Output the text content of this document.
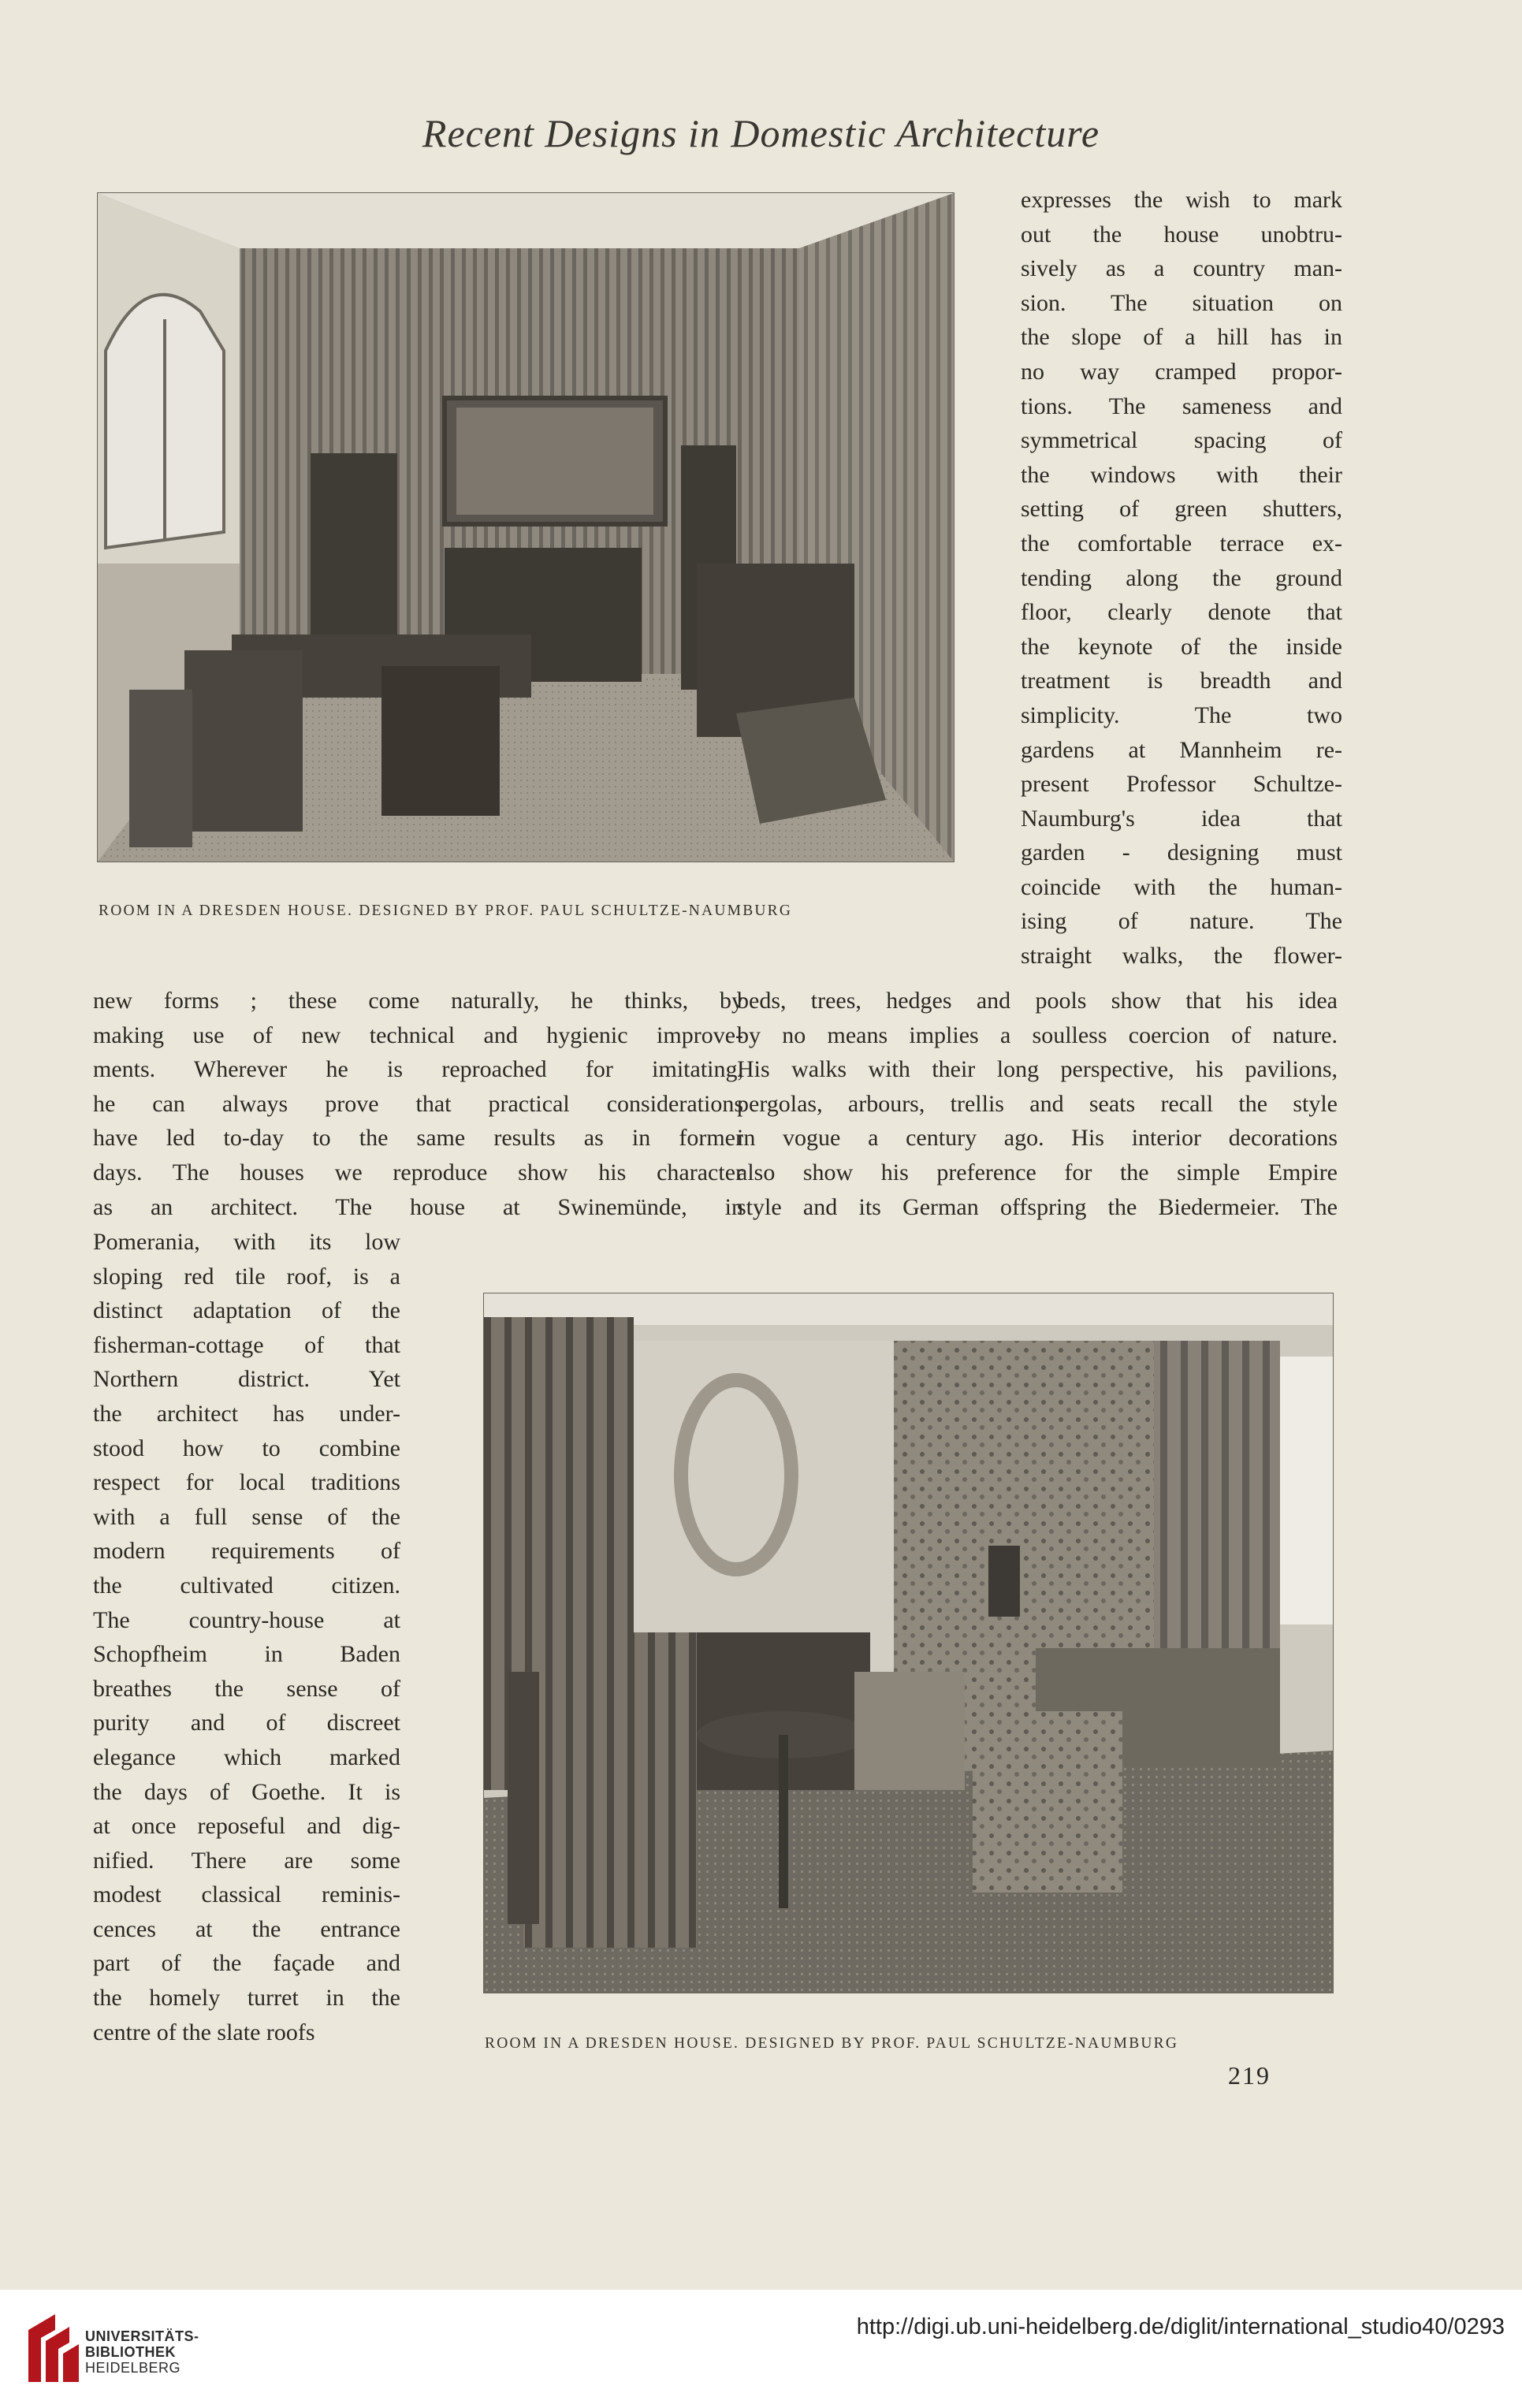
Recent Designs in Domestic Architecture
ROOM IN A DRESDEN HOUSE. DESIGNED BY PROF. PAUL SCHULTZE-NAUMBURG
expresses the wish to mark
out the house unobtru-
sively as a country man-
sion. The situation on
the slope of a hill has in
no way cramped propor-
tions. The sameness and
symmetrical spacing of
the windows with their
setting of green shutters,
the comfortable terrace ex-
tending along the ground
floor, clearly denote that
the keynote of the inside
treatment is breadth and
simplicity. The two
gardens at Mannheim re-
present Professor Schultze-
Naumburg's idea that
garden - designing must
coincide with the human-
ising of nature. The
straight walks, the flower-
new forms ; these come naturally, he thinks, by
making use of new technical and hygienic improve-
ments. Wherever he is reproached for imitating,
he can always prove that practical considerations
have led to-day to the same results as in former
days. The houses we reproduce show his character
as an architect. The house at Swinemünde, in
beds, trees, hedges and pools show that his idea
by no means implies a soulless coercion of nature.
His walks with their long perspective, his pavilions,
pergolas, arbours, trellis and seats recall the style
in vogue a century ago. His interior decorations
also show his preference for the simple Empire
style and its German offspring the Biedermeier. The
Pomerania, with its low
sloping red tile roof, is a
distinct adaptation of the
fisherman-cottage of that
Northern district. Yet
the architect has under-
stood how to combine
respect for local traditions
with a full sense of the
modern requirements of
the cultivated citizen.
The country-house at
Schopfheim in Baden
breathes the sense of
purity and of discreet
elegance which marked
the days of Goethe. It is
at once reposeful and dig-
nified. There are some
modest classical reminis-
cences at the entrance
part of the façade and
the homely turret in the
centre of the slate roofs	ROOM IN A DRESDEN HOUSE. DESIGNED BY PROF. PAUL SCHULTZE-NAUMBURG
219
UNIVERSITÄTS-
BIBLIOTHEK
HEIDELBERG
http://digi.ub.uni-heidelberg.de/diglit/international_studio40/0293
